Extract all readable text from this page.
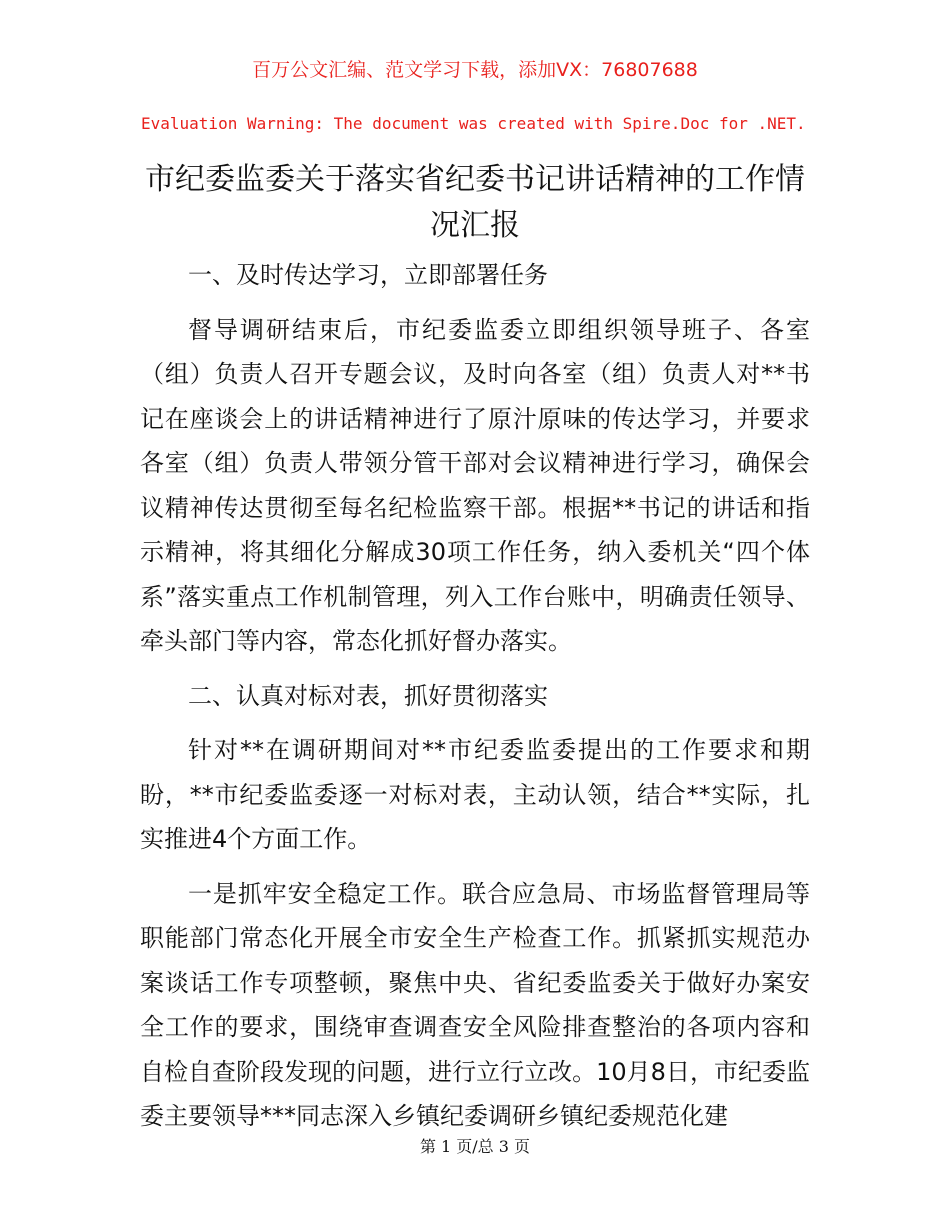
百万公文汇编、范文学习下载，添加VX：76807688
Evaluation Warning: The document was created with Spire.Doc for .NET.
市纪委监委关于落实省纪委书记讲话精神的工作情况汇报

一、及时传达学习，立即部署任务

督导调研结束后，市纪委监委立即组织领导班子、各室（组）负责人召开专题会议，及时向各室（组）负责人对**书记在座谈会上的讲话精神进行了原汁原味的传达学习，并要求各室（组）负责人带领分管干部对会议精神进行学习，确保会议精神传达贯彻至每名纪检监察干部。根据**书记的讲话和指示精神，将其细化分解成30项工作任务，纳入委机关“四个体系”落实重点工作机制管理，列入工作台账中，明确责任领导、牵头部门等内容，常态化抓好督办落实。

二、认真对标对表，抓好贯彻落实

针对**在调研期间对**市纪委监委提出的工作要求和期盼，**市纪委监委逐一对标对表，主动认领，结合**实际，扎实推进4个方面工作。

一是抓牢安全稳定工作。联合应急局、市场监督管理局等职能部门常态化开展全市安全生产检查工作。抓紧抓实规范办案谈话工作专项整顿，聚焦中央、省纪委监委关于做好办案安全工作的要求，围绕审查调查安全风险排查整治的各项内容和自检自查阶段发现的问题，进行立行立改。10月8日，市纪委监委主要领导***同志深入乡镇纪委调研乡镇纪委规范化建

第 1 页/总 3 页
